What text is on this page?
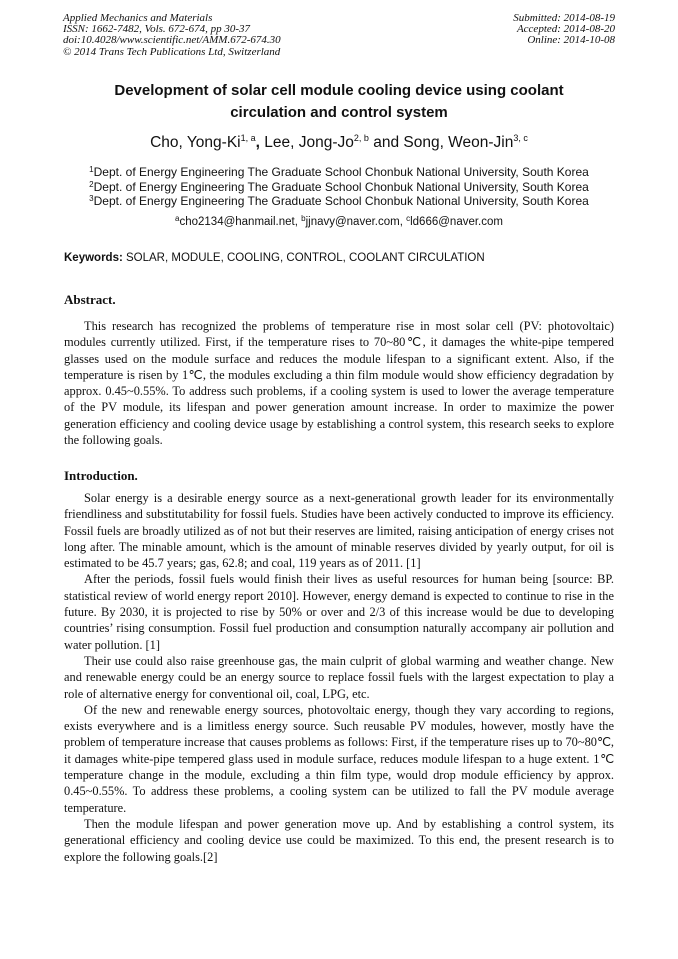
Applied Mechanics and Materials
ISSN: 1662-7482, Vols. 672-674, pp 30-37
doi:10.4028/www.scientific.net/AMM.672-674.30
© 2014 Trans Tech Publications Ltd, Switzerland
Submitted: 2014-08-19
Accepted: 2014-08-20
Online: 2014-10-08
Development of solar cell module cooling device using coolant
circulation and control system
Cho, Yong-Ki$^{1, a}$, Lee, Jong-Jo$^{2, b}$ and Song, Weon-Jin$^{3, c}$
$^1$Dept. of Energy Engineering The Graduate School Chonbuk National University, South Korea
$^2$Dept. of Energy Engineering The Graduate School Chonbuk National University, South Korea
$^3$Dept. of Energy Engineering The Graduate School Chonbuk National University, South Korea
$^a$cho2134@hanmail.net, $^b$jjnavy@naver.com, $^c$ld666@naver.com
Keywords: SOLAR, MODULE, COOLING, CONTROL, COOLANT CIRCULATION
Abstract.

This research has recognized the problems of temperature rise in most solar cell (PV: photovoltaic) modules currently utilized. First, if the temperature rises to 70~80℃, it damages the white-pipe tempered glasses used on the module surface and reduces the module lifespan to a significant extent. Also, if the temperature is risen by 1℃, the modules excluding a thin film module would show efficiency degradation by approx. 0.45~0.55%. To address such problems, if a cooling system is used to lower the average temperature of the PV module, its lifespan and power generation amount increase. In order to maximize the power generation efficiency and cooling device usage by establishing a control system, this research seeks to explore the following goals.

Introduction.

Solar energy is a desirable energy source as a next-generational growth leader for its environmentally friendliness and substitutability for fossil fuels. Studies have been actively conducted to improve its efficiency. Fossil fuels are broadly utilized as of not but their reserves are limited, raising anticipation of energy crises not long after. The minable amount, which is the amount of minable reserves divided by yearly output, for oil is estimated to be 45.7 years; gas, 62.8; and coal, 119 years as of 2011. [1]

After the periods, fossil fuels would finish their lives as useful resources for human being [source: BP. statistical review of world energy report 2010]. However, energy demand is expected to continue to rise in the future. By 2030, it is projected to rise by 50% or over and 2/3 of this increase would be due to developing countries’ rising consumption. Fossil fuel production and consumption naturally accompany air pollution and water pollution. [1]

Their use could also raise greenhouse gas, the main culprit of global warming and weather change. New and renewable energy could be an energy source to replace fossil fuels with the largest expectation to play a role of alternative energy for conventional oil, coal, LPG, etc.

Of the new and renewable energy sources, photovoltaic energy, though they vary according to regions, exists everywhere and is a limitless energy source. Such reusable PV modules, however, mostly have the problem of temperature increase that causes problems as follows: First, if the temperature rises up to 70~80℃, it damages white-pipe tempered glass used in module surface, reduces module lifespan to a huge extent. 1℃ temperature change in the module, excluding a thin film type, would drop module efficiency by approx. 0.45~0.55%. To address these problems, a cooling system can be utilized to fall the PV module average temperature.

Then the module lifespan and power generation move up. And by establishing a control system, its generational efficiency and cooling device use could be maximized. To this end, the present research is to explore the following goals.[2]
